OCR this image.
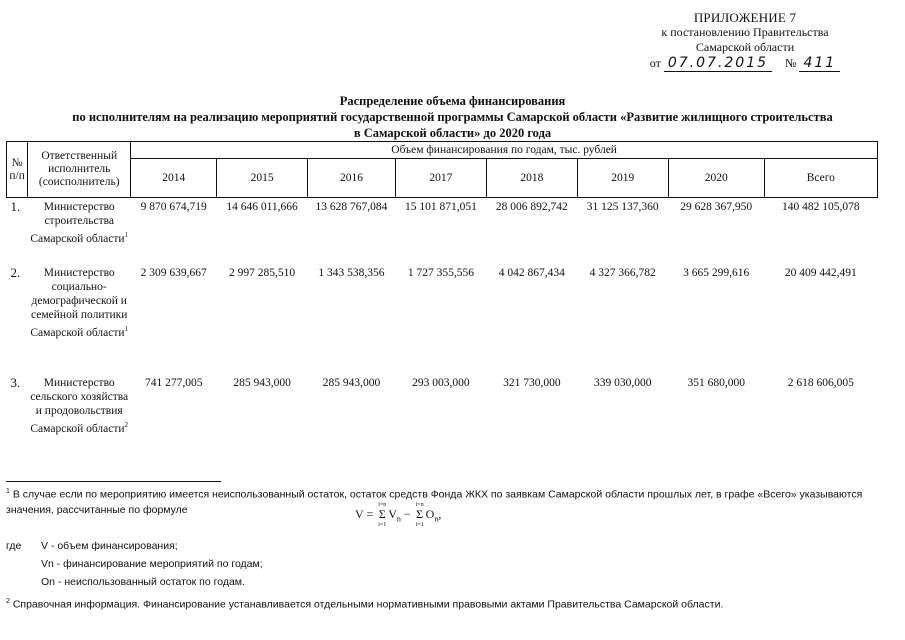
ПРИЛОЖЕНИЕ 7
к постановлению Правительства
Самарской области
от 07.07.2015 № 411
Распределение объема финансирования
по исполнителям на реализацию мероприятий государственной программы Самарской области «Развитие жилищного строительства
в Самарской области» до 2020 года
№ п/п	Ответственный исполнитель (соисполнитель)	Объем финансирования по годам, тыс. рублей							
		2014	2015	2016	2017	2018	2019	2020	Всего
1.	Министерство строительства Самарской области$^1$	9 870 674,719	14 646 011,666	13 628 767,084	15 101 871,051	28 006 892,742	31 125 137,360	29 628 367,950	140 482 105,078
2.	Министерство социально-демографической и семейной политики Самарской области$^1$	2 309 639,667	2 997 285,510	1 343 538,356	1 727 355,556	4 042 867,434	4 327 366,782	3 665 299,616	20 409 442,491
3.	Министерство сельского хозяйства и продовольствия Самарской области$^2$	741 277,005	285 943,000	285 943,000	293 003,000	321 730,000	339 030,000	351 680,000	2 618 606,005
$^1$ В случае если по мероприятию имеется неиспользованный остаток, остаток средств Фонда ЖКХ по заявкам Самарской области прошлых лет, в графе «Всего» указываются значения, рассчитанные по формуле	V =
i=n
Σ
i=1
$V_n$ −
i=n
Σ
i=1
$O_n$,
где V - объем финансирования;
Vn - финансирование мероприятий по годам;
On - неиспользованный остаток по годам.
$^2$ Справочная информация. Финансирование устанавливается отдельными нормативными правовыми актами Правительства Самарской области.
